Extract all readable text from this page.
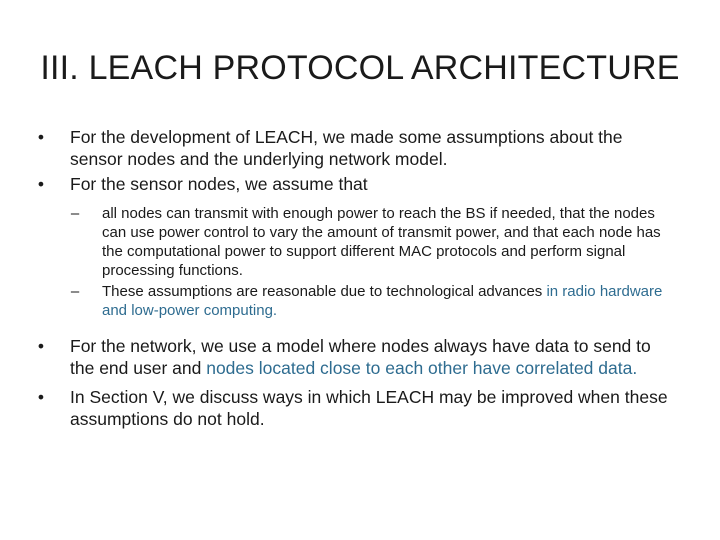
III. LEACH PROTOCOL ARCHITECTURE
•	For the development of LEACH, we made some assumptions about the sensor nodes and the underlying network model.
•	For the sensor nodes, we assume that
–	all nodes can transmit with enough power to reach the BS if needed, that the nodes can use power control to vary the amount of transmit power, and that each node has the computational power to support different MAC protocols and perform signal processing functions.
–	These assumptions are reasonable due to technological advances in radio hardware and low-power computing.
•	For the network, we use a model where nodes always have data to send to the end user and nodes located close to each other have correlated data.
•	In Section V, we discuss ways in which LEACH may be improved when these assumptions do not hold.
